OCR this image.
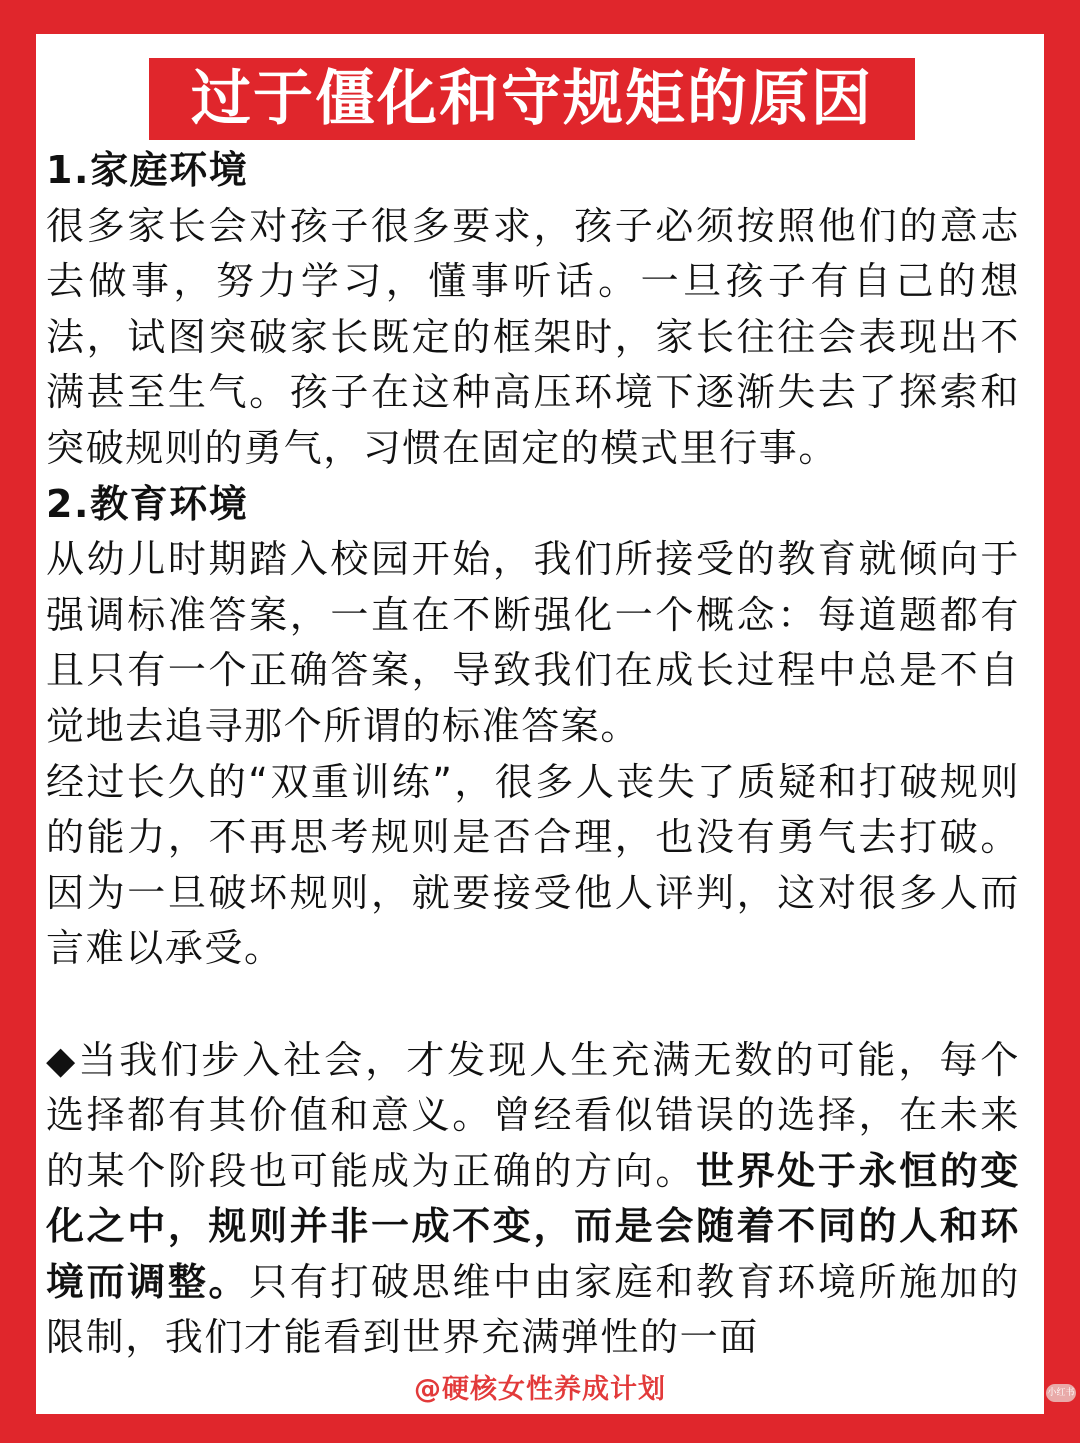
过于僵化和守规矩的原因

1.家庭环境

很多家长会对孩子很多要求，孩子必须按照他们的意志去做事，努力学习，懂事听话。一旦孩子有自己的想法，试图突破家长既定的框架时，家长往往会表现出不满甚至生气。孩子在这种高压环境下逐渐失去了探索和突破规则的勇气，习惯在固定的模式里行事。

2.教育环境

从幼儿时期踏入校园开始，我们所接受的教育就倾向于强调标准答案，一直在不断强化一个概念：每道题都有且只有一个正确答案，导致我们在成长过程中总是不自觉地去追寻那个所谓的标准答案。

经过长久的“双重训练”，很多人丧失了质疑和打破规则的能力，不再思考规则是否合理，也没有勇气去打破。因为一旦破坏规则，就要接受他人评判，这对很多人而言难以承受。

◆当我们步入社会，才发现人生充满无数的可能，每个选择都有其价值和意义。曾经看似错误的选择，在未来的某个阶段也可能成为正确的方向。世界处于永恒的变化之中，规则并非一成不变，而是会随着不同的人和环境而调整。只有打破思维中由家庭和教育环境所施加的限制，我们才能看到世界充满弹性的一面

@硬核女性养成计划	小红书
